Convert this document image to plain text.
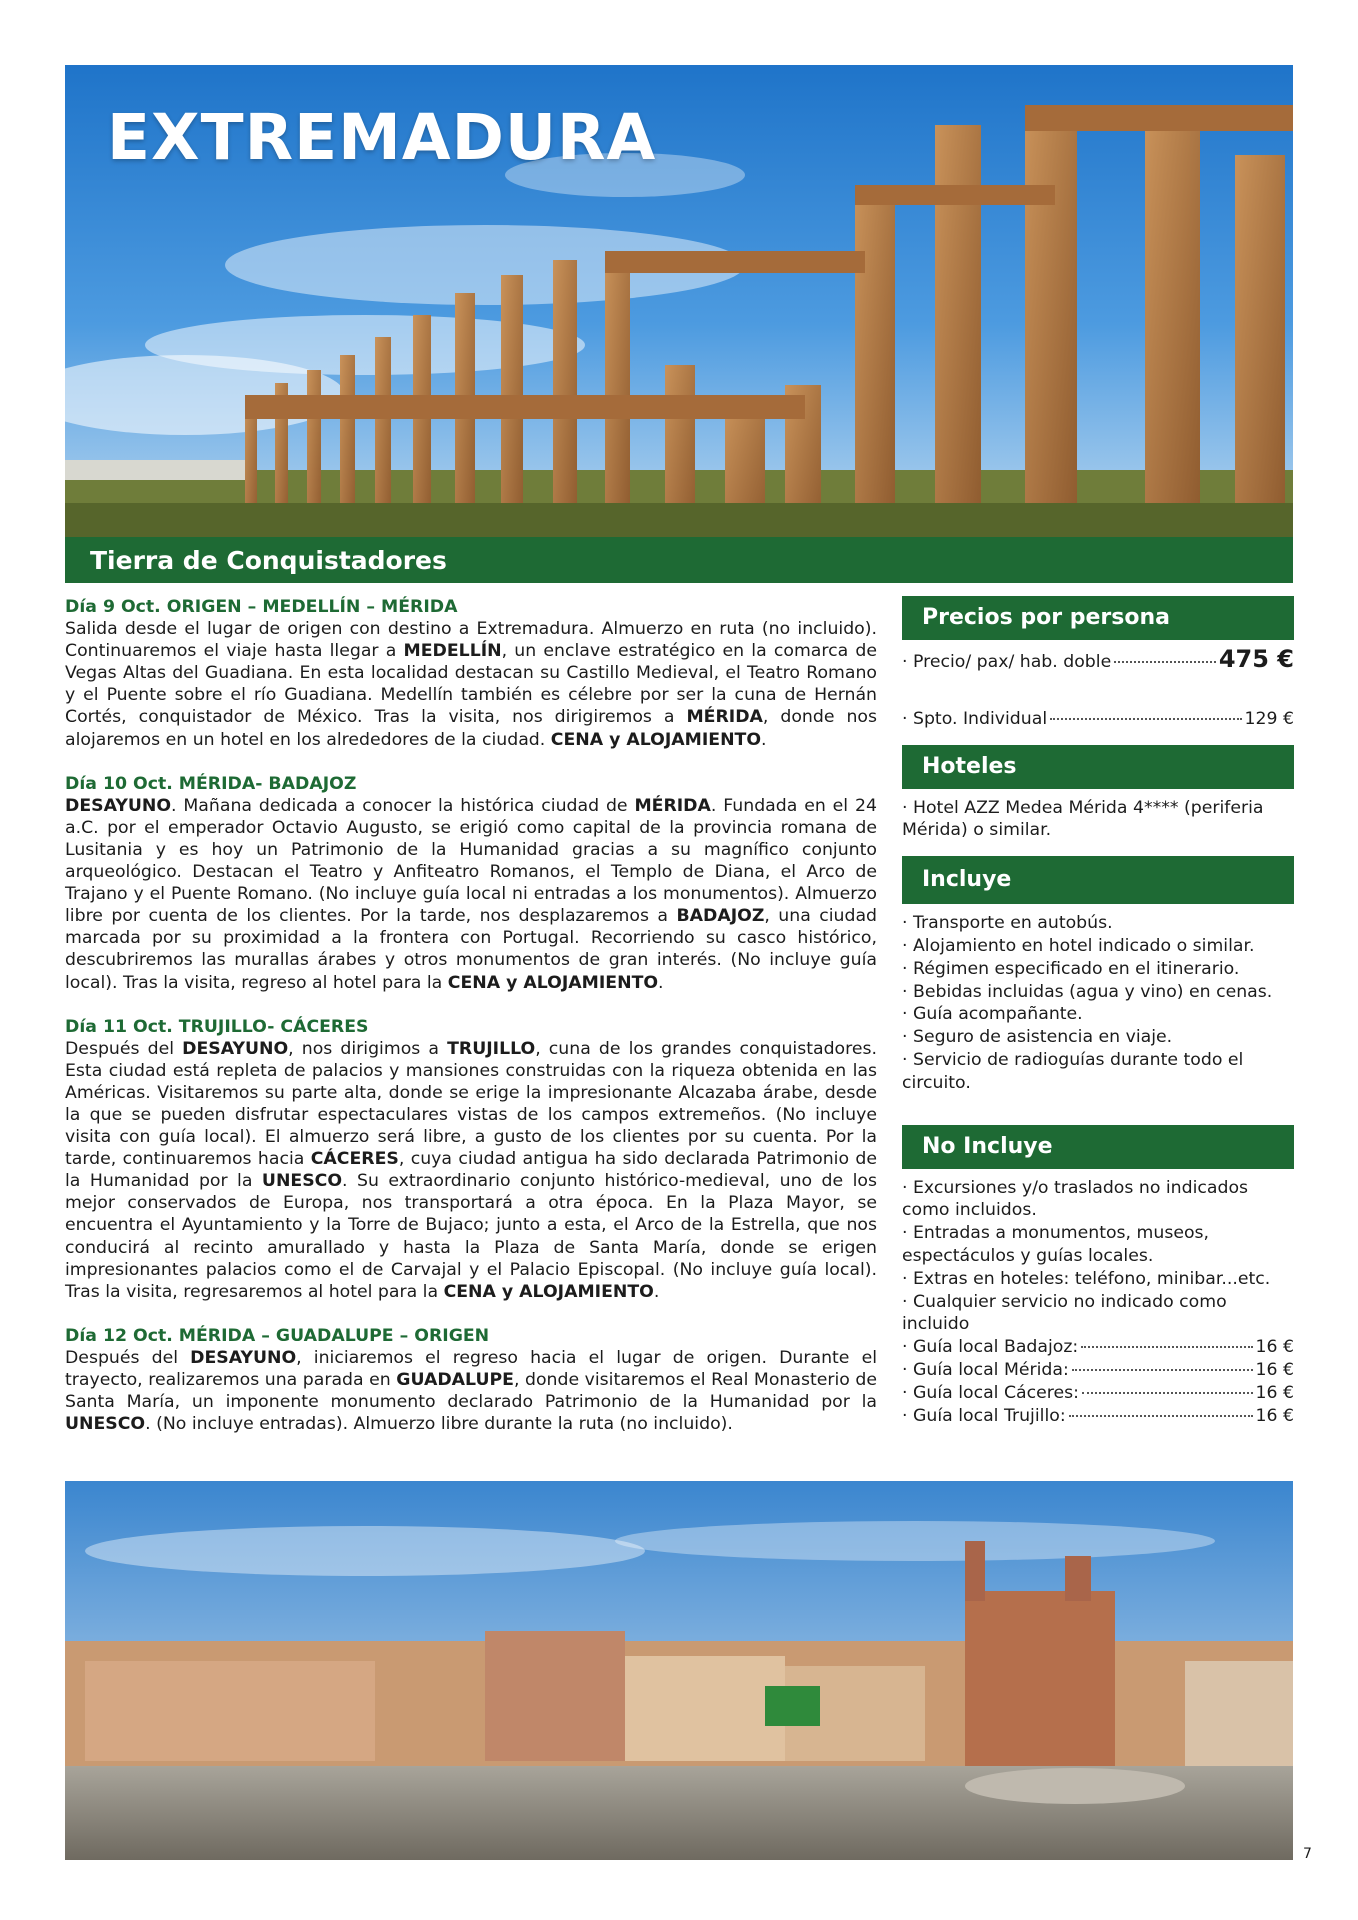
EXTREMADURA
Tierra de Conquistadores
Día 9 Oct. ORIGEN – MEDELLÍN – MÉRIDA

Salida desde el lugar de origen con destino a Extremadura. Almuerzo en ruta (no incluido). Continuaremos el viaje hasta llegar a MEDELLÍN, un enclave estratégico en la comarca de Vegas Altas del Guadiana. En esta localidad destacan su Castillo Medieval, el Teatro Romano y el Puente sobre el río Guadiana. Medellín también es célebre por ser la cuna de Hernán Cortés, conquistador de México. Tras la visita, nos dirigiremos a MÉRIDA, donde nos alojaremos en un hotel en los alrededores de la ciudad. CENA y ALOJAMIENTO.

Día 10 Oct. MÉRIDA- BADAJOZ

DESAYUNO. Mañana dedicada a conocer la histórica ciudad de MÉRIDA. Fundada en el 24 a.C. por el emperador Octavio Augusto, se erigió como capital de la provincia romana de Lusitania y es hoy un Patrimonio de la Humanidad gracias a su magnífico conjunto arqueológico. Destacan el Teatro y Anfiteatro Romanos, el Templo de Diana, el Arco de Trajano y el Puente Romano. (No incluye guía local ni entradas a los monumentos). Almuerzo libre por cuenta de los clientes. Por la tarde, nos desplazaremos a BADAJOZ, una ciudad marcada por su proximidad a la frontera con Portugal. Recorriendo su casco histórico, descubriremos las murallas árabes y otros monumentos de gran interés. (No incluye guía local). Tras la visita, regreso al hotel para la CENA y ALOJAMIENTO.

Día 11 Oct. TRUJILLO- CÁCERES

Después del DESAYUNO, nos dirigimos a TRUJILLO, cuna de los grandes conquistadores. Esta ciudad está repleta de palacios y mansiones construidas con la riqueza obtenida en las Américas. Visitaremos su parte alta, donde se erige la impresionante Alcazaba árabe, desde la que se pueden disfrutar espectaculares vistas de los campos extremeños. (No incluye visita con guía local). El almuerzo será libre, a gusto de los clientes por su cuenta. Por la tarde, continuaremos hacia CÁCERES, cuya ciudad antigua ha sido declarada Patrimonio de la Humanidad por la UNESCO. Su extraordinario conjunto histórico-medieval, uno de los mejor conservados de Europa, nos transportará a otra época. En la Plaza Mayor, se encuentra el Ayuntamiento y la Torre de Bujaco; junto a esta, el Arco de la Estrella, que nos conducirá al recinto amurallado y hasta la Plaza de Santa María, donde se erigen impresionantes palacios como el de Carvajal y el Palacio Episcopal. (No incluye guía local). Tras la visita, regresaremos al hotel para la CENA y ALOJAMIENTO.

Día 12 Oct. MÉRIDA – GUADALUPE – ORIGEN

Después del DESAYUNO, iniciaremos el regreso hacia el lugar de origen. Durante el trayecto, realizaremos una parada en GUADALUPE, donde visitaremos el Real Monasterio de Santa María, un imponente monumento declarado Patrimonio de la Humanidad por la UNESCO. (No incluye entradas). Almuerzo libre durante la ruta (no incluido).

Precios por persona
· Precio/ pax/ hab. doble	475 €
· Spto. Individual	129 €
Hoteles
· Hotel AZZ Medea Mérida 4**** (periferia Mérida) o similar.
Incluye
· Transporte en autobús.
· Alojamiento en hotel indicado o similar.
· Régimen especificado en el itinerario.
· Bebidas incluidas (agua y vino) en cenas.
· Guía acompañante.
· Seguro de asistencia en viaje.
· Servicio de radioguías durante todo el circuito.
No Incluye
· Excursiones y/o traslados no indicados como incluidos.
· Entradas a monumentos, museos, espectáculos y guías locales.
· Extras en hoteles: teléfono, minibar...etc.
· Cualquier servicio no indicado como incluido
· Guía local Badajoz:	16 €
· Guía local Mérida:	16 €
· Guía local Cáceres:	16 €
· Guía local Trujillo:	16 €
7
